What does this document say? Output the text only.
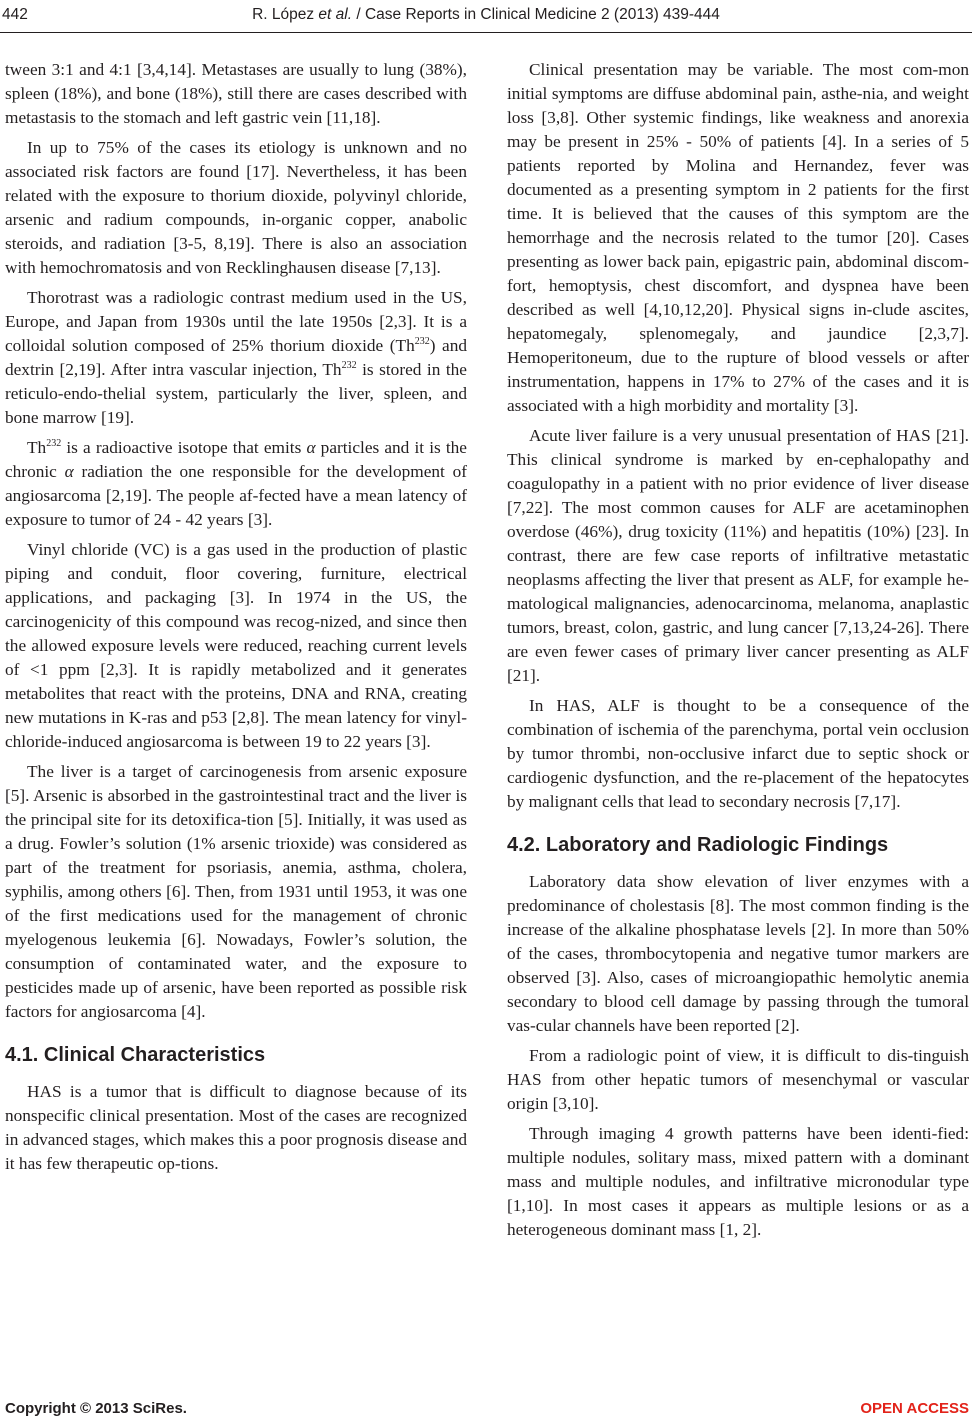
442	R. López et al. / Case Reports in Clinical Medicine 2 (2013) 439-444

tween 3:1 and 4:1 [3,4,14]. Metastases are usually to lung (38%), spleen (18%), and bone (18%), still there are cases described with metastasis to the stomach and left gastric vein [11,18].

In up to 75% of the cases its etiology is unknown and no associated risk factors are found [17]. Nevertheless, it has been related with the exposure to thorium dioxide, polyvinyl chloride, arsenic and radium compounds, in-organic copper, anabolic steroids, and radiation [3-5, 8,19]. There is also an association with hemochromatosis and von Recklinghausen disease [7,13].

Thorotrast was a radiologic contrast medium used in the US, Europe, and Japan from 1930s until the late 1950s [2,3]. It is a colloidal solution composed of 25% thorium dioxide (Th$^{232}$) and dextrin [2,19]. After intra vascular injection, Th$^{232}$ is stored in the reticulo-endo-thelial system, particularly the liver, spleen, and bone marrow [19].

Th$^{232}$ is a radioactive isotope that emits α particles and it is the chronic α radiation the one responsible for the development of angiosarcoma [2,19]. The people af-fected have a mean latency of exposure to tumor of 24 - 42 years [3].

Vinyl chloride (VC) is a gas used in the production of plastic piping and conduit, floor covering, furniture, electrical applications, and packaging [3]. In 1974 in the US, the carcinogenicity of this compound was recog-nized, and since then the allowed exposure levels were reduced, reaching current levels of <1 ppm [2,3]. It is rapidly metabolized and it generates metabolites that react with the proteins, DNA and RNA, creating new mutations in K-ras and p53 [2,8]. The mean latency for vinyl-chloride-induced angiosarcoma is between 19 to 22 years [3].

The liver is a target of carcinogenesis from arsenic exposure [5]. Arsenic is absorbed in the gastrointestinal tract and the liver is the principal site for its detoxifica-tion [5]. Initially, it was used as a drug. Fowler’s solution (1% arsenic trioxide) was considered as part of the treatment for psoriasis, anemia, asthma, cholera, syphilis, among others [6]. Then, from 1931 until 1953, it was one of the first medications used for the management of chronic myelogenous leukemia [6]. Nowadays, Fowler’s solution, the consumption of contaminated water, and the exposure to pesticides made up of arsenic, have been reported as possible risk factors for angiosarcoma [4].

4.1. Clinical Characteristics

HAS is a tumor that is difficult to diagnose because of its nonspecific clinical presentation. Most of the cases are recognized in advanced stages, which makes this a poor prognosis disease and it has few therapeutic op-tions.

Clinical presentation may be variable. The most com-mon initial symptoms are diffuse abdominal pain, asthe-nia, and weight loss [3,8]. Other systemic findings, like weakness and anorexia may be present in 25% - 50% of patients [4]. In a series of 5 patients reported by Molina and Hernandez, fever was documented as a presenting symptom in 2 patients for the first time. It is believed that the causes of this symptom are the hemorrhage and the necrosis related to the tumor [20]. Cases presenting as lower back pain, epigastric pain, abdominal discom-fort, hemoptysis, chest discomfort, and dyspnea have been described as well [4,10,12,20]. Physical signs in-clude ascites, hepatomegaly, splenomegaly, and jaundice [2,3,7]. Hemoperitoneum, due to the rupture of blood vessels or after instrumentation, happens in 17% to 27% of the cases and it is associated with a high morbidity and mortality [3].

Acute liver failure is a very unusual presentation of HAS [21]. This clinical syndrome is marked by en-cephalopathy and coagulopathy in a patient with no prior evidence of liver disease [7,22]. The most common causes for ALF are acetaminophen overdose (46%), drug toxicity (11%) and hepatitis (10%) [23]. In contrast, there are few case reports of infiltrative metastatic neoplasms affecting the liver that present as ALF, for example he-matological malignancies, adenocarcinoma, melanoma, anaplastic tumors, breast, colon, gastric, and lung cancer [7,13,24-26]. There are even fewer cases of primary liver cancer presenting as ALF [21].

In HAS, ALF is thought to be a consequence of the combination of ischemia of the parenchyma, portal vein occlusion by tumor thrombi, non-occlusive infarct due to septic shock or cardiogenic dysfunction, and the re-placement of the hepatocytes by malignant cells that lead to secondary necrosis [7,17].

4.2. Laboratory and Radiologic Findings

Laboratory data show elevation of liver enzymes with a predominance of cholestasis [8]. The most common finding is the increase of the alkaline phosphatase levels [2]. In more than 50% of the cases, thrombocytopenia and negative tumor markers are observed [3]. Also, cases of microangiopathic hemolytic anemia secondary to blood cell damage by passing through the tumoral vas-cular channels have been reported [2].

From a radiologic point of view, it is difficult to dis-tinguish HAS from other hepatic tumors of mesenchymal or vascular origin [3,10].

Through imaging 4 growth patterns have been identi-fied: multiple nodules, solitary mass, mixed pattern with a dominant mass and multiple nodules, and infiltrative micronodular type [1,10]. In most cases it appears as multiple lesions or as a heterogeneous dominant mass [1, 2].

Copyright © 2013 SciRes.	OPEN ACCESS
